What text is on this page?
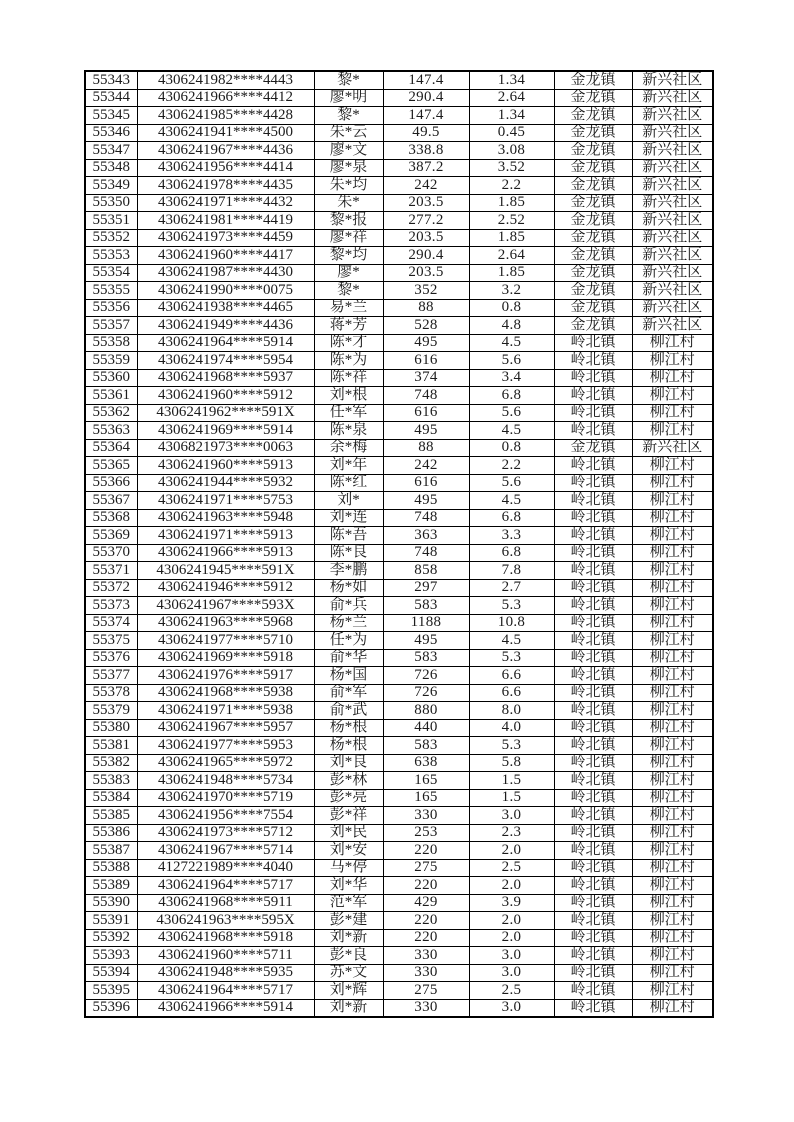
55343	4306241982****4443	黎*	147.4	1.34	金龙镇	新兴社区
55344	4306241966****4412	廖*明	290.4	2.64	金龙镇	新兴社区
55345	4306241985****4428	黎*	147.4	1.34	金龙镇	新兴社区
55346	4306241941****4500	朱*云	49.5	0.45	金龙镇	新兴社区
55347	4306241967****4436	廖*文	338.8	3.08	金龙镇	新兴社区
55348	4306241956****4414	廖*泉	387.2	3.52	金龙镇	新兴社区
55349	4306241978****4435	朱*均	242	2.2	金龙镇	新兴社区
55350	4306241971****4432	朱*	203.5	1.85	金龙镇	新兴社区
55351	4306241981****4419	黎*报	277.2	2.52	金龙镇	新兴社区
55352	4306241973****4459	廖*祥	203.5	1.85	金龙镇	新兴社区
55353	4306241960****4417	黎*均	290.4	2.64	金龙镇	新兴社区
55354	4306241987****4430	廖*	203.5	1.85	金龙镇	新兴社区
55355	4306241990****0075	黎*	352	3.2	金龙镇	新兴社区
55356	4306241938****4465	易*兰	88	0.8	金龙镇	新兴社区
55357	4306241949****4436	蒋*芳	528	4.8	金龙镇	新兴社区
55358	4306241964****5914	陈*才	495	4.5	岭北镇	柳江村
55359	4306241974****5954	陈*为	616	5.6	岭北镇	柳江村
55360	4306241968****5937	陈*祥	374	3.4	岭北镇	柳江村
55361	4306241960****5912	刘*根	748	6.8	岭北镇	柳江村
55362	4306241962****591X	任*军	616	5.6	岭北镇	柳江村
55363	4306241969****5914	陈*泉	495	4.5	岭北镇	柳江村
55364	4306821973****0063	余*梅	88	0.8	金龙镇	新兴社区
55365	4306241960****5913	刘*年	242	2.2	岭北镇	柳江村
55366	4306241944****5932	陈*红	616	5.6	岭北镇	柳江村
55367	4306241971****5753	刘*	495	4.5	岭北镇	柳江村
55368	4306241963****5948	刘*连	748	6.8	岭北镇	柳江村
55369	4306241971****5913	陈*吾	363	3.3	岭北镇	柳江村
55370	4306241966****5913	陈*良	748	6.8	岭北镇	柳江村
55371	4306241945****591X	李*鹏	858	7.8	岭北镇	柳江村
55372	4306241946****5912	杨*如	297	2.7	岭北镇	柳江村
55373	4306241967****593X	俞*兵	583	5.3	岭北镇	柳江村
55374	4306241963****5968	杨*兰	1188	10.8	岭北镇	柳江村
55375	4306241977****5710	任*为	495	4.5	岭北镇	柳江村
55376	4306241969****5918	俞*华	583	5.3	岭北镇	柳江村
55377	4306241976****5917	杨*国	726	6.6	岭北镇	柳江村
55378	4306241968****5938	俞*军	726	6.6	岭北镇	柳江村
55379	4306241971****5938	俞*武	880	8.0	岭北镇	柳江村
55380	4306241967****5957	杨*根	440	4.0	岭北镇	柳江村
55381	4306241977****5953	杨*根	583	5.3	岭北镇	柳江村
55382	4306241965****5972	刘*良	638	5.8	岭北镇	柳江村
55383	4306241948****5734	彭*林	165	1.5	岭北镇	柳江村
55384	4306241970****5719	彭*亮	165	1.5	岭北镇	柳江村
55385	4306241956****7554	彭*祥	330	3.0	岭北镇	柳江村
55386	4306241973****5712	刘*民	253	2.3	岭北镇	柳江村
55387	4306241967****5714	刘*安	220	2.0	岭北镇	柳江村
55388	4127221989****4040	马*停	275	2.5	岭北镇	柳江村
55389	4306241964****5717	刘*华	220	2.0	岭北镇	柳江村
55390	4306241968****5911	范*军	429	3.9	岭北镇	柳江村
55391	4306241963****595X	彭*建	220	2.0	岭北镇	柳江村
55392	4306241968****5918	刘*新	220	2.0	岭北镇	柳江村
55393	4306241960****5711	彭*良	330	3.0	岭北镇	柳江村
55394	4306241948****5935	苏*文	330	3.0	岭北镇	柳江村
55395	4306241964****5717	刘*辉	275	2.5	岭北镇	柳江村
55396	4306241966****5914	刘*新	330	3.0	岭北镇	柳江村
